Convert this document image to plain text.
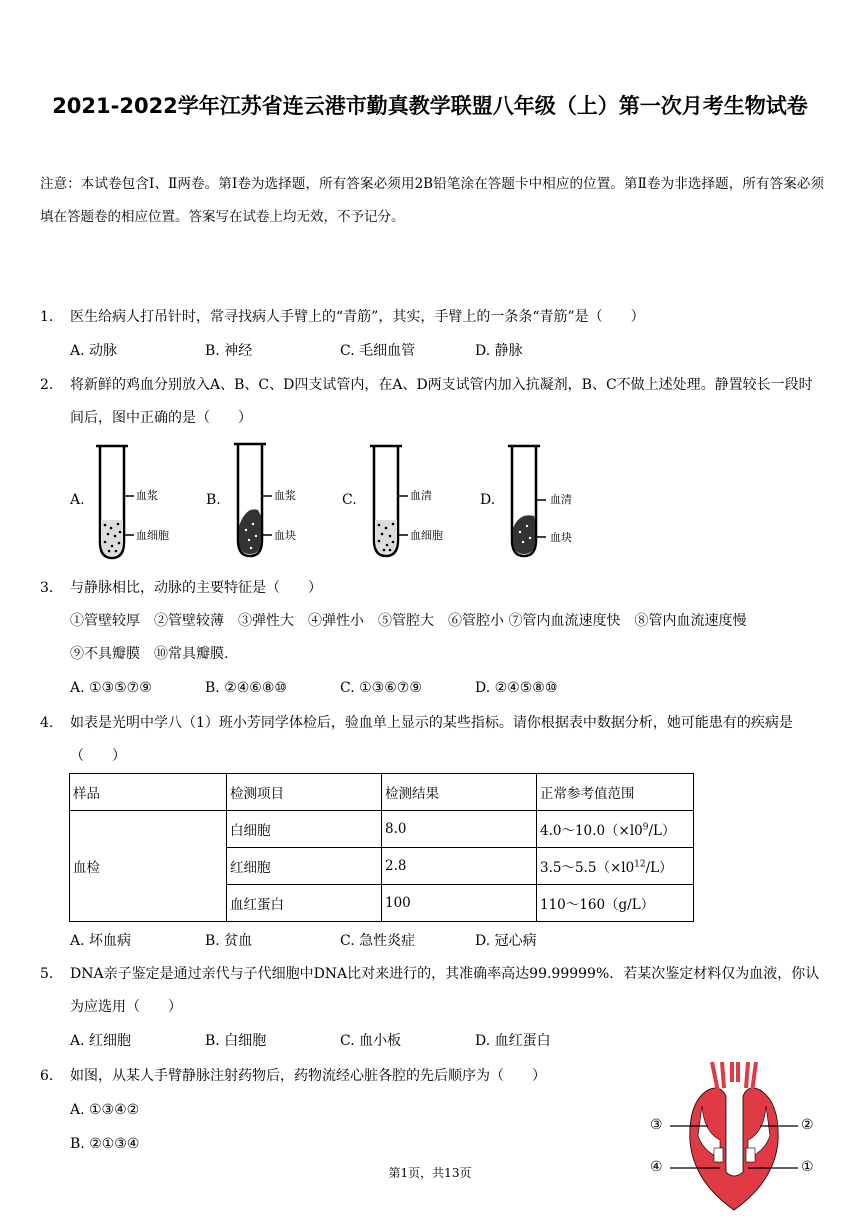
2021-2022学年江苏省连云港市勤真教学联盟八年级（上）第一次月考生物试卷
注意：本试卷包含Ⅰ、Ⅱ两卷。第Ⅰ卷为选择题，所有答案必须用2B铅笔涂在答题卡中相应的位置。第Ⅱ卷为非选择题，所有答案必须填在答题卷的相应位置。答案写在试卷上均无效，不予记分。
1. 医生给病人打吊针时，常寻找病人手臂上的“青筋”，其实，手臂上的一条条“青筋”是（　　）
A. 动脉	B. 神经	C. 毛细血管	D. 静脉
2. 将新鲜的鸡血分别放入A、B、C、D四支试管内，在A、D两支试管内加入抗凝剂，B、C不做上述处理。静置较长一段时间后，图中正确的是（　　）
A.	血浆
血细胞
B.	血浆
血块
C.	血清
血细胞
D.	血清
血块
3. 与静脉相比，动脉的主要特征是（　　）
①管壁较厚　②管壁较薄　③弹性大　④弹性小　⑤管腔大　⑥管腔小 ⑦管内血流速度快　⑧管内血流速度慢
⑨不具瓣膜　⑩常具瓣膜.
A. ①③⑤⑦⑨	B. ②④⑥⑧⑩	C. ①③⑥⑦⑨	D. ②④⑤⑧⑩
4. 如表是光明中学八（1）班小芳同学体检后，验血单上显示的某些指标。请你根据表中数据分析，她可能患有的疾病是（　　）
样品	检测项目	检测结果	正常参考值范围
血检	白细胞	8.0	$4.0\sim 10.0(\times l0^9/L)$
	红细胞	2.8	$3.5\sim 5.5(\times l0^{12}/L)$
	血红蛋白	100	110～160（g/L）
A. 坏血病	B. 贫血	C. 急性炎症	D. 冠心病
5. DNA亲子鉴定是通过亲代与子代细胞中DNA比对来进行的，其准确率高达99.99999%．若某次鉴定材料仅为血液，你认为应选用（　　）
A. 红细胞	B. 白细胞	C. 血小板	D. 血红蛋白
6. 如图，从某人手臂静脉注射药物后，药物流经心脏各腔的先后顺序为（　　）
A. ①③④②
B. ②①③④
③	②
④	①
第1页，共13页
